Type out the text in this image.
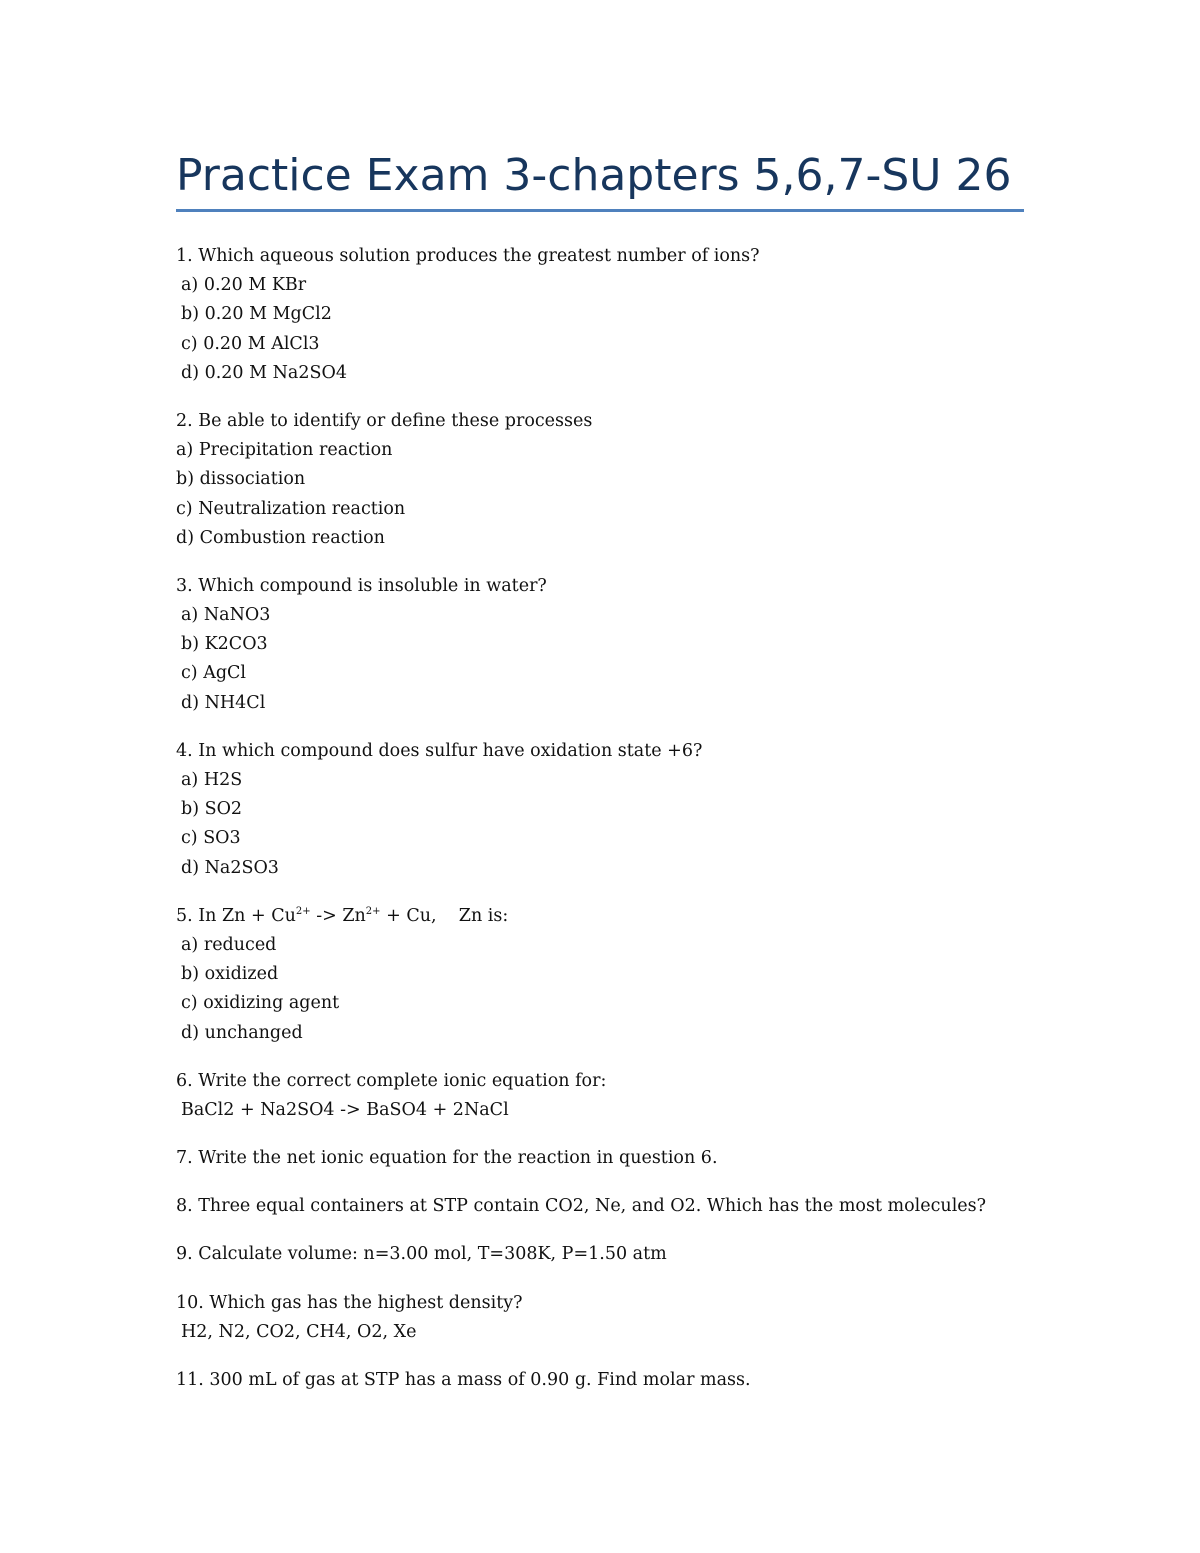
Practice Exam 3-chapters 5,6,7-SU 26
1. Which aqueous solution produces the greatest number of ions?
a) 0.20 M KBr
b) 0.20 M MgCl2
c) 0.20 M AlCl3
d) 0.20 M Na2SO4
2. Be able to identify or define these processes
a) Precipitation reaction
b) dissociation
c) Neutralization reaction
d) Combustion reaction
3. Which compound is insoluble in water?
a) NaNO3
b) K2CO3
c) AgCl
d) NH4Cl
4. In which compound does sulfur have oxidation state +6?
a) H2S
b) SO2
c) SO3
d) Na2SO3
5. In $Zn + Cu^{2+} -> Zn^{2+} + Cu$,    Zn is:
a) reduced
b) oxidized
c) oxidizing agent
d) unchanged
6. Write the correct complete ionic equation for:
BaCl2 + Na2SO4 -> BaSO4 + 2NaCl
7. Write the net ionic equation for the reaction in question 6.
8. Three equal containers at STP contain CO2, Ne, and O2. Which has the most molecules?
9. Calculate volume: n=3.00 mol, T=308K, P=1.50 atm
10. Which gas has the highest density?
H2, N2, CO2, CH4, O2, Xe
11. 300 mL of gas at STP has a mass of 0.90 g. Find molar mass.
